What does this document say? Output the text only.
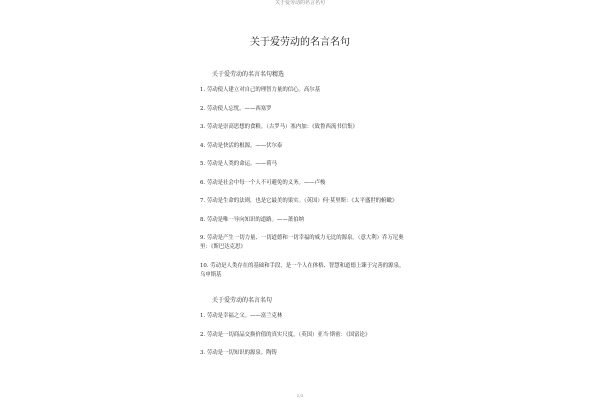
关于爱劳动的名言名句
关于爱劳动的名言名句
关于爱劳动的名言名句精选
1. 劳动使人建立对自己的理智力量的信心。高尔基
2. 劳动使人忘忧。——西塞罗
3. 劳动是崇高思想的食粮。（古罗马）塞内加：《致鲁西流书信集》
4. 劳动是快活的根源。——伏尔泰
5. 劳动是人类的命运。——荷马
6. 劳动是社会中每一个人不可避免的义务。——卢梭
7. 劳动是生命的法则，也是它最美的果实。（英国）何·莫里斯：《太平盛世的俯瞰》
8. 劳动是唯一导向知识的道路。——萧伯纳
9. 劳动是产生一切力量、一切道德和一切幸福的威力无比的源泉。（意大利）乔万尼奥里：《斯巴达克思》
10. 劳动是人类存在的基础和手段，是一个人在体格、智慧和道德上臻于完善的源泉。乌申斯基
关于爱劳动的名言名句
1. 劳动是幸福之父。——富兰克林
2. 劳动是一切商品交换价值的真实尺度。（英国）亚当·斯密：《国富论》
3. 劳动是一切知识的源泉。陶铸
1/3
